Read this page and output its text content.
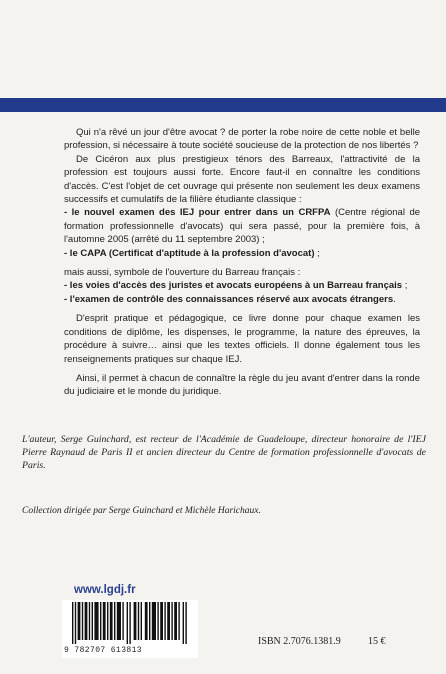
Qui n'a rêvé un jour d'être avocat ? de porter la robe noire de cette noble et belle profession, si nécessaire à toute société soucieuse de la protection de nos libertés ?

De Cicéron aux plus prestigieux ténors des Barreaux, l'attractivité de la profession est toujours aussi forte. Encore faut-il en connaître les conditions d'accès. C'est l'objet de cet ouvrage qui présente non seulement les deux examens successifs et cumulatifs de la filière étudiante classique :

- le nouvel examen des IEJ pour entrer dans un CRFPA (Centre régional de formation professionnelle d'avocats) qui sera passé, pour la première fois, à l'automne 2005 (arrêté du 11 septembre 2003) ;
- le CAPA (Certificat d'aptitude à la profession d'avocat) ;

mais aussi, symbole de l'ouverture du Barreau français :

- les voies d'accès des juristes et avocats européens à un Barreau français ;
- l'examen de contrôle des connaissances réservé aux avocats étrangers.

D'esprit pratique et pédagogique, ce livre donne pour chaque examen les conditions de diplôme, les dispenses, le programme, la nature des épreuves, la procédure à suivre… ainsi que les textes officiels. Il donne également tous les renseignements pratiques sur chaque IEJ.

Ainsi, il permet à chacun de connaître la règle du jeu avant d'entrer dans la ronde du judiciaire et le monde du juridique.

L'auteur, Serge Guinchard, est recteur de l'Académie de Guadeloupe, directeur honoraire de l'IEJ Pierre Raynaud de Paris II et ancien directeur du Centre de formation professionnelle d'avocats de Paris.
Collection dirigée par Serge Guinchard et Michèle Harichaux.
www.lgdj.fr
9 782707 613813
ISBN 2.7076.1381.9	15 €
